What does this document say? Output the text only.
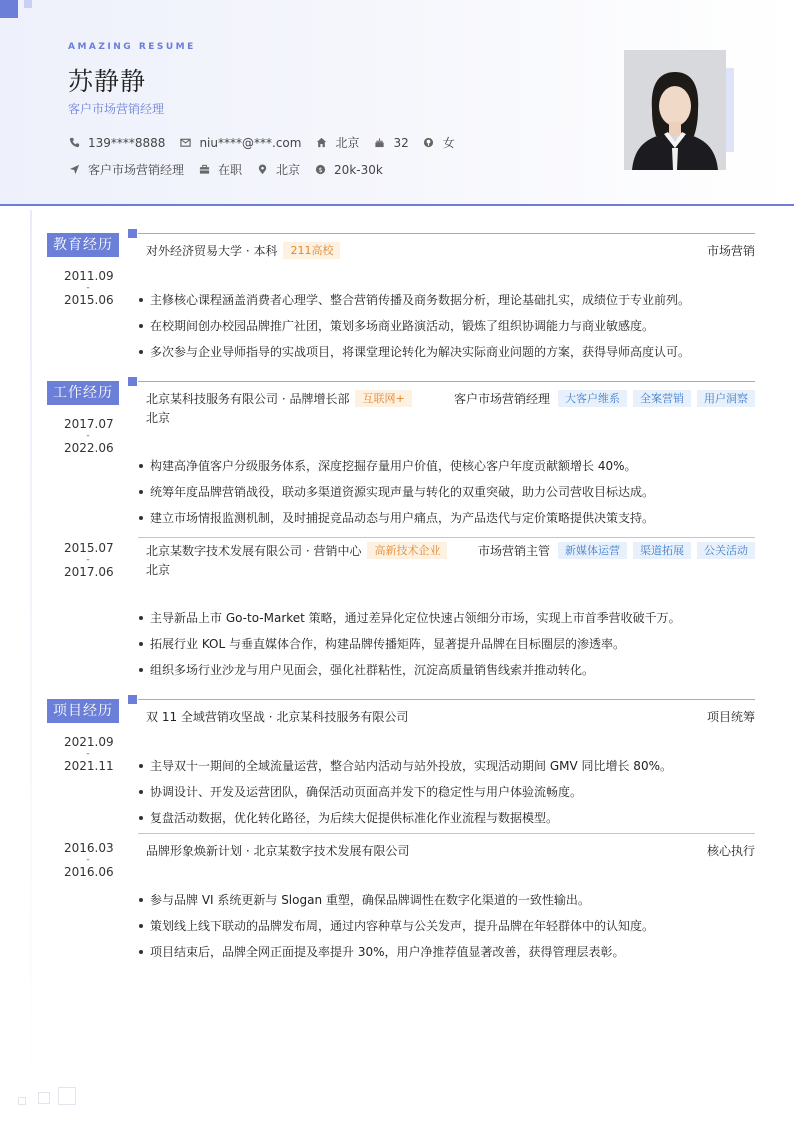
AMAZING RESUME
苏静静
客户市场营销经理
139****8888	niu****@***.com	北京	32	女
客户市场营销经理	在职	北京	$ 20k-30k
教育经历	对外经济贸易大学 · 本科	211高校	市场营销
2011.09
-
2015.06	主修核心课程涵盖消费者心理学、整合营销传播及商务数据分析，理论基础扎实，成绩位于专业前列。
在校期间创办校园品牌推广社团，策划多场商业路演活动，锻炼了组织协调能力与商业敏感度。
多次参与企业导师指导的实战项目，将课堂理论转化为解决实际商业问题的方案，获得导师高度认可。
工作经历	北京某科技服务有限公司 · 品牌增长部	互联网+	客户市场营销经理	大客户维系	全案营销	用户洞察
北京
2017.07
-
2022.06
构建高净值客户分级服务体系，深度挖掘存量用户价值，使核心客户年度贡献额增长 40%。
统筹年度品牌营销战役，联动多渠道资源实现声量与转化的双重突破，助力公司营收目标达成。
建立市场情报监测机制，及时捕捉竞品动态与用户痛点，为产品迭代与定价策略提供决策支持。
北京某数字技术发展有限公司 · 营销中心	高新技术企业	市场营销主管	新媒体运营	渠道拓展	公关活动
北京
2015.07
-
2017.06
主导新品上市 Go-to-Market 策略，通过差异化定位快速占领细分市场，实现上市首季营收破千万。
拓展行业 KOL 与垂直媒体合作，构建品牌传播矩阵，显著提升品牌在目标圈层的渗透率。
组织多场行业沙龙与用户见面会，强化社群粘性，沉淀高质量销售线索并推动转化。
项目经历	双 11 全域营销攻坚战 · 北京某科技服务有限公司	项目统筹
2021.09
-
2021.11	主导双十一期间的全域流量运营，整合站内活动与站外投放，实现活动期间 GMV 同比增长 80%。
协调设计、开发及运营团队，确保活动页面高并发下的稳定性与用户体验流畅度。
复盘活动数据，优化转化路径，为后续大促提供标准化作业流程与数据模型。
品牌形象焕新计划 · 北京某数字技术发展有限公司	核心执行
2016.03
-
2016.06
参与品牌 VI 系统更新与 Slogan 重塑，确保品牌调性在数字化渠道的一致性输出。
策划线上线下联动的品牌发布周，通过内容种草与公关发声，提升品牌在年轻群体中的认知度。
项目结束后，品牌全网正面提及率提升 30%，用户净推荐值显著改善，获得管理层表彰。
